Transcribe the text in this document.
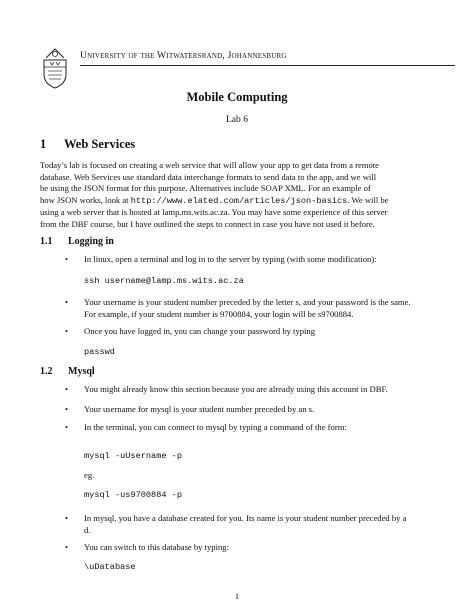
University of the Witwatersrand, Johannesburg
Mobile Computing
Lab 6
1 Web Services
Today’s lab is focused on creating a web service that will allow your app to get data from a remote
database. Web Services use standard data interchange formats to send data to the app, and we will
be using the JSON format for this purpose. Alternatives include SOAP XML. For an example of
how JSON works, look at http://www.elated.com/articles/json-basics. We will be
using a web server that is hosted at lamp.ms.wits.ac.za. You may have some experience of this server
from the DBF course, but I have outlined the steps to connect in case you have not used it before.
1.1 Logging in
• In linux, open a terminal and log in to the server by typing (with some modification):
ssh username@lamp.ms.wits.ac.za
• Your username is your student number preceded by the letter s, and your password is the same.
For example, if your student number is 9700884, your login will be s9700884.
• Once you have logged in, you can change your password by typing
passwd
1.2 Mysql
• You might already know this section because you are already using this account in DBF.
• Your username for mysql is your student number preceded by an s.
• In the terminal, you can connect to mysql by typing a command of the form:
mysql -uUsername -p
eg.
mysql -us9700884 -p
• In mysql, you have a database created for you. Its name is your student number preceded by a
d.
• You can switch to this database by typing:
\uDatabase
1
